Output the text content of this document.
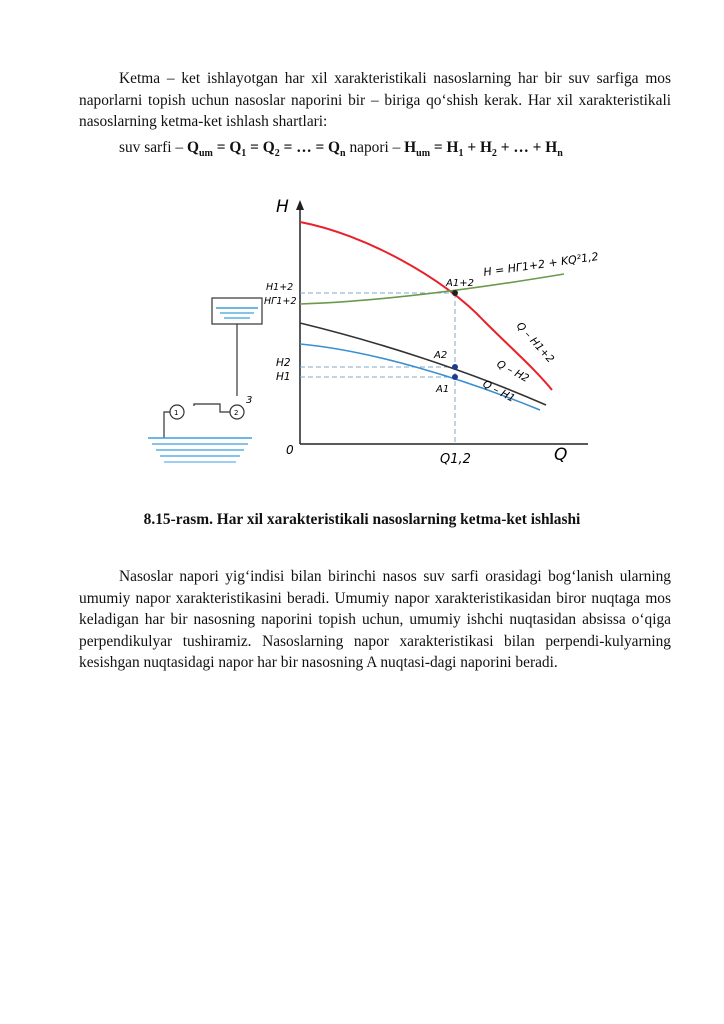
Ketma – ket ishlayotgan har xil xarakteristikali nasoslarning har bir suv sarfiga mos naporlarni topish uchun nasoslar naporini bir – biriga qo‘shish kerak. Har xil xarakteristikali nasoslarning ketma-ket ishlash shartlari:

suv sarfi – $Q_{um} = Q_1 = Q_2$ = … = $Q_n$ napori – $H_{um} = H_1 + H_2$ + … + $H_n$
H
Q
0
H1+2
HГ1+2
H2
H1
Q1,2
A1+2
A2
A1
H = HГ1+2 + KQ²1,2
Q – H1+2
Q – H2
Q – H1
2
3
1
8.15-rasm. Har xil xarakteristikali nasoslarning ketma-ket ishlashi

Nasoslar napori yig‘indisi bilan birinchi nasos suv sarfi orasidagi bog‘lanish ularning umumiy napor xarakteristikasini beradi. Umumiy napor xarakteristikasidan biror nuqtaga mos keladigan har bir nasosning naporini topish uchun, umumiy ishchi nuqtasidan absissa o‘qiga perpendikulyar tushiramiz. Nasoslarning napor xarakteristikasi bilan perpendi-kulyarning kesishgan nuqtasidagi napor har bir nasosning A nuqtasi-dagi naporini beradi.
